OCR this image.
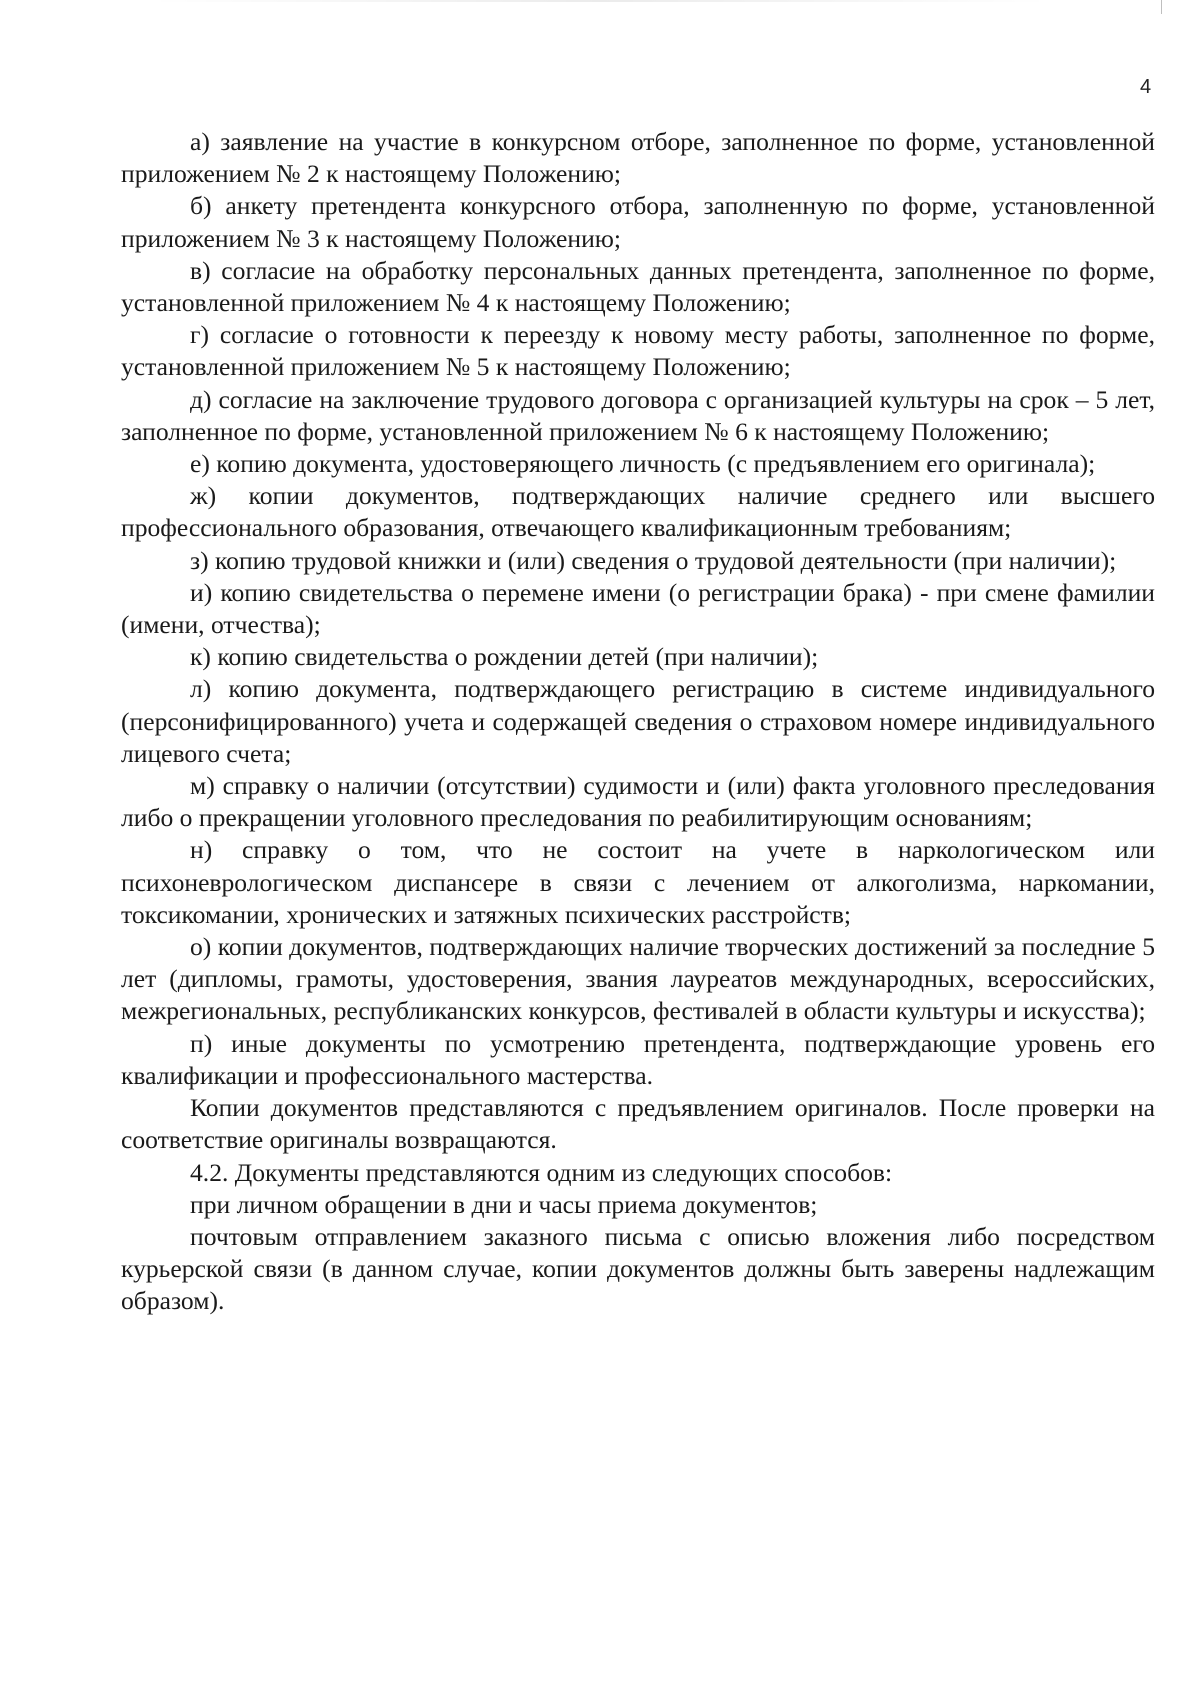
4

а) заявление на участие в конкурсном отборе, заполненное по форме, установленной приложением № 2 к настоящему Положению;

б) анкету претендента конкурсного отбора, заполненную по форме, установленной приложением № 3 к настоящему Положению;

в) согласие на обработку персональных данных претендента, заполненное по форме, установленной приложением № 4 к настоящему Положению;

г) согласие о готовности к переезду к новому месту работы, заполненное по форме, установленной приложением № 5 к настоящему Положению;

д) согласие на заключение трудового договора с организацией культуры на срок – 5 лет, заполненное по форме, установленной приложением № 6 к настоящему Положению;

е) копию документа, удостоверяющего личность (с предъявлением его оригинала);

ж) копии документов, подтверждающих наличие среднего или высшего профессионального образования, отвечающего квалификационным требованиям;

з) копию трудовой книжки и (или) сведения о трудовой деятельности (при наличии);

и) копию свидетельства о перемене имени (о регистрации брака) - при смене фамилии (имени, отчества);

к) копию свидетельства о рождении детей (при наличии);

л) копию документа, подтверждающего регистрацию в системе индивидуального (персонифицированного) учета и содержащей сведения о страховом номере индивидуального лицевого счета;

м) справку о наличии (отсутствии) судимости и (или) факта уголовного преследования либо о прекращении уголовного преследования по реабилитирующим основаниям;

н) справку о том, что не состоит на учете в наркологическом или психоневрологическом диспансере в связи с лечением от алкоголизма, наркомании, токсикомании, хронических и затяжных психических расстройств;

о) копии документов, подтверждающих наличие творческих достижений за последние 5 лет (дипломы, грамоты, удостоверения, звания лауреатов международных, всероссийских, межрегиональных, республиканских конкурсов, фестивалей в области культуры и искусства);

п) иные документы по усмотрению претендента, подтверждающие уровень его квалификации и профессионального мастерства.

Копии документов представляются с предъявлением оригиналов. После проверки на соответствие оригиналы возвращаются.

4.2. Документы представляются одним из следующих способов:

при личном обращении в дни и часы приема документов;

почтовым отправлением заказного письма с описью вложения либо посредством курьерской связи (в данном случае, копии документов должны быть заверены надлежащим образом).
